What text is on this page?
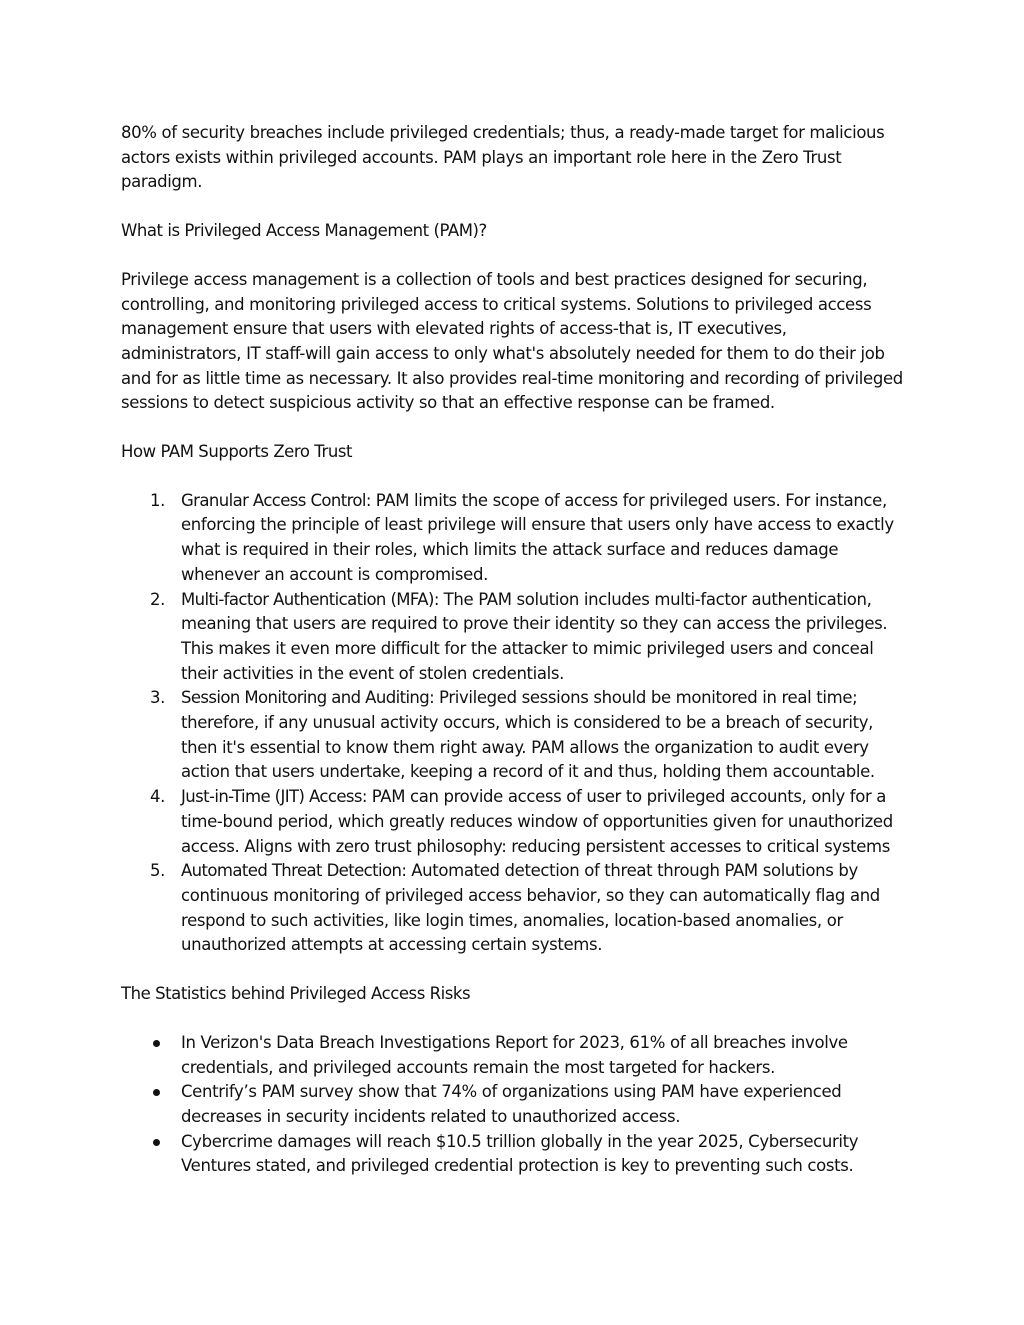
80% of security breaches include privileged credentials; thus, a ready-made target for malicious actors exists within privileged accounts. PAM plays an important role here in the Zero Trust paradigm.

What is Privileged Access Management (PAM)?

Privilege access management is a collection of tools and best practices designed for securing, controlling, and monitoring privileged access to critical systems. Solutions to privileged access management ensure that users with elevated rights of access-that is, IT executives, administrators, IT staff-will gain access to only what's absolutely needed for them to do their job and for as little time as necessary. It also provides real-time monitoring and recording of privileged sessions to detect suspicious activity so that an effective response can be framed.

How PAM Supports Zero Trust

1. Granular Access Control: PAM limits the scope of access for privileged users. For instance, enforcing the principle of least privilege will ensure that users only have access to exactly what is required in their roles, which limits the attack surface and reduces damage whenever an account is compromised.
2. Multi-factor Authentication (MFA): The PAM solution includes multi-factor authentication, meaning that users are required to prove their identity so they can access the privileges. This makes it even more difficult for the attacker to mimic privileged users and conceal their activities in the event of stolen credentials.
3. Session Monitoring and Auditing: Privileged sessions should be monitored in real time; therefore, if any unusual activity occurs, which is considered to be a breach of security, then it's essential to know them right away. PAM allows the organization to audit every action that users undertake, keeping a record of it and thus, holding them accountable.
4. Just-in-Time (JIT) Access: PAM can provide access of user to privileged accounts, only for a time-bound period, which greatly reduces window of opportunities given for unauthorized access. Aligns with zero trust philosophy: reducing persistent accesses to critical systems
5. Automated Threat Detection: Automated detection of threat through PAM solutions by continuous monitoring of privileged access behavior, so they can automatically flag and respond to such activities, like login times, anomalies, location-based anomalies, or unauthorized attempts at accessing certain systems.

The Statistics behind Privileged Access Risks

In Verizon's Data Breach Investigations Report for 2023, 61% of all breaches involve credentials, and privileged accounts remain the most targeted for hackers.
Centrify’s PAM survey show that 74% of organizations using PAM have experienced decreases in security incidents related to unauthorized access.
Cybercrime damages will reach $10.5 trillion globally in the year 2025, Cybersecurity Ventures stated, and privileged credential protection is key to preventing such costs.
